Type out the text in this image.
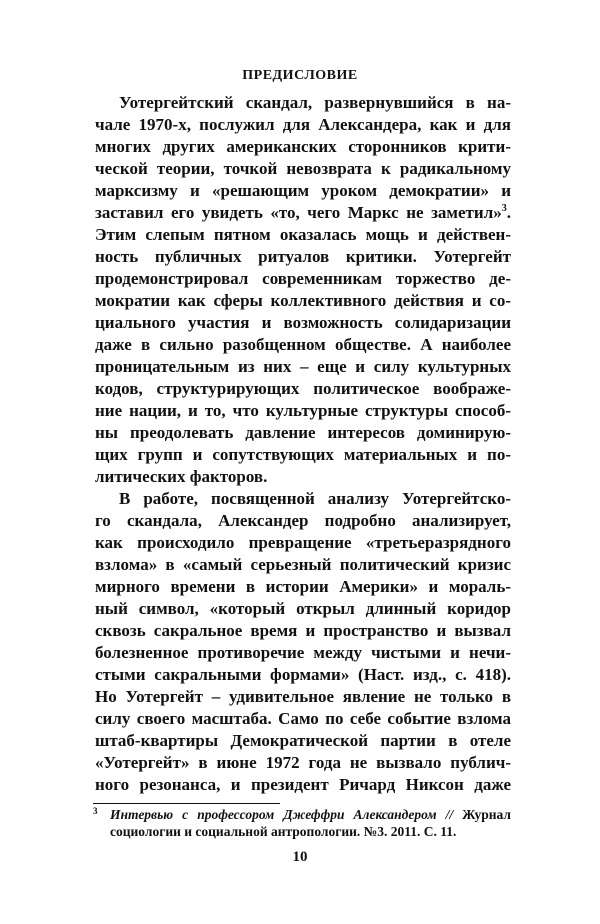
ПРЕДИСЛОВИЕ
Уотергейтский скандал, развернувшийся в на-
чале 1970-х, послужил для Александера, как и для
многих других американских сторонников крити-
ческой теории, точкой невозврата к радикальному
марксизму и «решающим уроком демократии» и
заставил его увидеть «то, чего Маркс не заметил»$^3$.
Этим слепым пятном оказалась мощь и действен-
ность публичных ритуалов критики. Уотергейт
продемонстрировал современникам торжество де-
мократии как сферы коллективного действия и со-
циального участия и возможность солидаризации
даже в сильно разобщенном обществе. А наиболее
проницательным из них – еще и силу культурных
кодов, структурирующих политическое воображе-
ние нации, и то, что культурные структуры способ-
ны преодолевать давление интересов доминирую-
щих групп и сопутствующих материальных и по-
литических факторов.
В работе, посвященной анализу Уотергейтско-
го скандала, Александер подробно анализирует,
как происходило превращение «третьеразрядного
взлома» в «самый серьезный политический кризис
мирного времени в истории Америки» и мораль-
ный символ, «который открыл длинный коридор
сквозь сакральное время и пространство и вызвал
болезненное противоречие между чистыми и нечи-
стыми сакральными формами» (Наст. изд., с. 418).
Но Уотергейт – удивительное явление не только в
силу своего масштаба. Само по себе событие взлома
штаб-квартиры Демократической партии в отеле
«Уотергейт» в июне 1972 года не вызвало публич-
ного резонанса, и президент Ричард Никсон даже
3 Интервью с профессором Джеффри Александером // Журнал
социологии и социальной антропологии. №3. 2011. С. 11.
10
